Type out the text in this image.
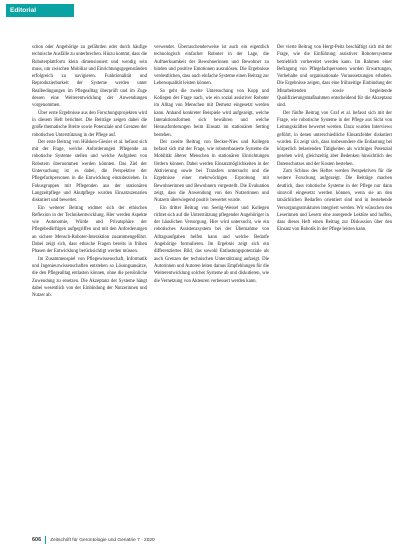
Editorial

schon oder Angehörige zu gefährden oder durch häufige technische Ausfälle zu unterbrechen. Hinzu kommt, dass die Roboterplattform klein dimensioniert und wendig sein muss, um zwischen Mobiliar und Einrichtungsgegenständen erfolgreich zu navigieren. Funktionalität und Reproduzierbarkeit der Systeme werden unter Realbedingungen im Pflegealltag überprüft und im Zuge dessen eine Weiterentwicklung der Anwendungen vorgenommen.

Über erste Ergebnisse aus den Forschungsprojekten wird in diesem Heft berichtet. Die Beiträge zeigen dabei die große thematische Breite sowie Potenziale und Grenzen der robotischen Unterstützung in der Pflege auf.

Der erste Beitrag von Hülsken-Giesler et al. befasst sich mit der Frage, welche Anforderungen Pflegende an robotische Systeme stellen und welche Aufgaben von Robotern übernommen werden könnten. Das Ziel der Untersuchung ist es dabei, die Perspektive der Pflegefachpersonen in die Entwicklung einzubeziehen. In Fokusgruppen mit Pflegenden aus der stationären Langzeitpflege und Akutpflege wurden Einsatzszenarien diskutiert und bewertet.

Ein weiterer Beitrag widmet sich der ethischen Reflexion in der Technikentwicklung. Hier werden Aspekte wie Autonomie, Würde und Privatsphäre der Pflegebedürftigen aufgegriffen und mit den Anforderungen an sichere Mensch-Roboter-Interaktion zusammengeführt. Dabei zeigt sich, dass ethische Fragen bereits in frühen Phasen der Entwicklung berücksichtigt werden müssen.

Im Zusammenspiel von Pflegewissenschaft, Informatik und Ingenieurwissenschaften entstehen so Lösungsansätze, die den Pflegealltag entlasten können, ohne die persönliche Zuwendung zu ersetzen. Die Akzeptanz der Systeme hängt dabei wesentlich von der Einbindung der Nutzerinnen und Nutzer ab.

verwendet. Überraschenderweise ist auch ein eigentlich technologisch einfacher Roboter in der Lage, die Aufmerksamkeit der Bewohnerinnen und Bewohner zu binden und positive Emotionen auszulösen. Die Ergebnisse verdeutlichen, dass auch einfache Systeme einen Beitrag zur Lebensqualität leisten können.

So geht die zweite Untersuchung von Kopp und Kollegen der Frage nach, wie ein sozial assistiver Roboter im Alltag von Menschen mit Demenz eingesetzt werden kann. Anhand konkreter Beispiele wird aufgezeigt, welche Interaktionsformen sich bewähren und welche Herausforderungen beim Einsatz im stationären Setting bestehen.

Der zweite Beitrag von Becker-Nies und Kollegen befasst sich mit der Frage, wie roboterbasierte Systeme die Mobilität älterer Menschen in stationären Einrichtungen fördern können. Dabei werden Einsatzmöglichkeiten in der Aktivierung sowie bei Transfers untersucht und die Ergebnisse einer mehrwöchigen Erprobung mit Bewohnerinnen und Bewohnern vorgestellt. Die Evaluation zeigt, dass die Anwendung von den Nutzerinnen und Nutzern überwiegend positiv bewertet wurde.

Ein dritter Beitrag von Seelig-Wessel und Kollegen richtet sich auf die Unterstützung pflegender Angehöriger in der häuslichen Versorgung. Hier wird untersucht, wie ein robotisches Assistenzsystem bei der Übernahme von Alltagsaufgaben helfen kann und welche Bedarfe Angehörige formulieren. Im Ergebnis zeigt sich ein differenziertes Bild, das sowohl Entlastungspotenziale als auch Grenzen der technischen Unterstützung aufzeigt. Die Autorinnen und Autoren leiten daraus Empfehlungen für die Weiterentwicklung solcher Systeme ab und diskutieren, wie die Vernetzung von Akteuren verbessert werden kann.

Der vierte Beitrag von Hergt-Peitz beschäftigt sich mit der Frage, wie die Einführung assistiver Robotersysteme betrieblich vorbereitet werden kann. Im Rahmen einer Befragung von Pflegefachpersonen wurden Erwartungen, Vorbehalte und organisationale Voraussetzungen erhoben. Die Ergebnisse zeigen, dass eine frühzeitige Einbindung der Mitarbeitenden sowie begleitende Qualifizierungsmaßnahmen entscheidend für die Akzeptanz sind.

Der fünfte Beitrag von Graf et al. befasst sich mit der Frage, wie robotische Systeme in der Pflege aus Sicht von Leitungskräften bewertet werden. Dazu wurden Interviews geführt, in denen unterschiedliche Einsatzfelder diskutiert wurden. Es zeigt sich, dass insbesondere die Entlastung bei körperlich belastenden Tätigkeiten als wichtiges Potenzial gesehen wird, gleichzeitig aber Bedenken hinsichtlich des Datenschutzes und der Kosten bestehen.

Zum Schluss des Heftes werden Perspektiven für die weitere Forschung aufgezeigt. Die Beiträge machen deutlich, dass robotische Systeme in der Pflege nur dann sinnvoll eingesetzt werden können, wenn sie an den tatsächlichen Bedarfen orientiert sind und in bestehende Versorgungsstrukturen integriert werden. Wir wünschen den Leserinnen und Lesern eine anregende Lektüre und hoffen, dass dieses Heft einen Beitrag zur Diskussion über den Einsatz von Robotik in der Pflege leisten kann.

606 Zeitschrift für Gerontologie und Geriatrie 7 · 2020
